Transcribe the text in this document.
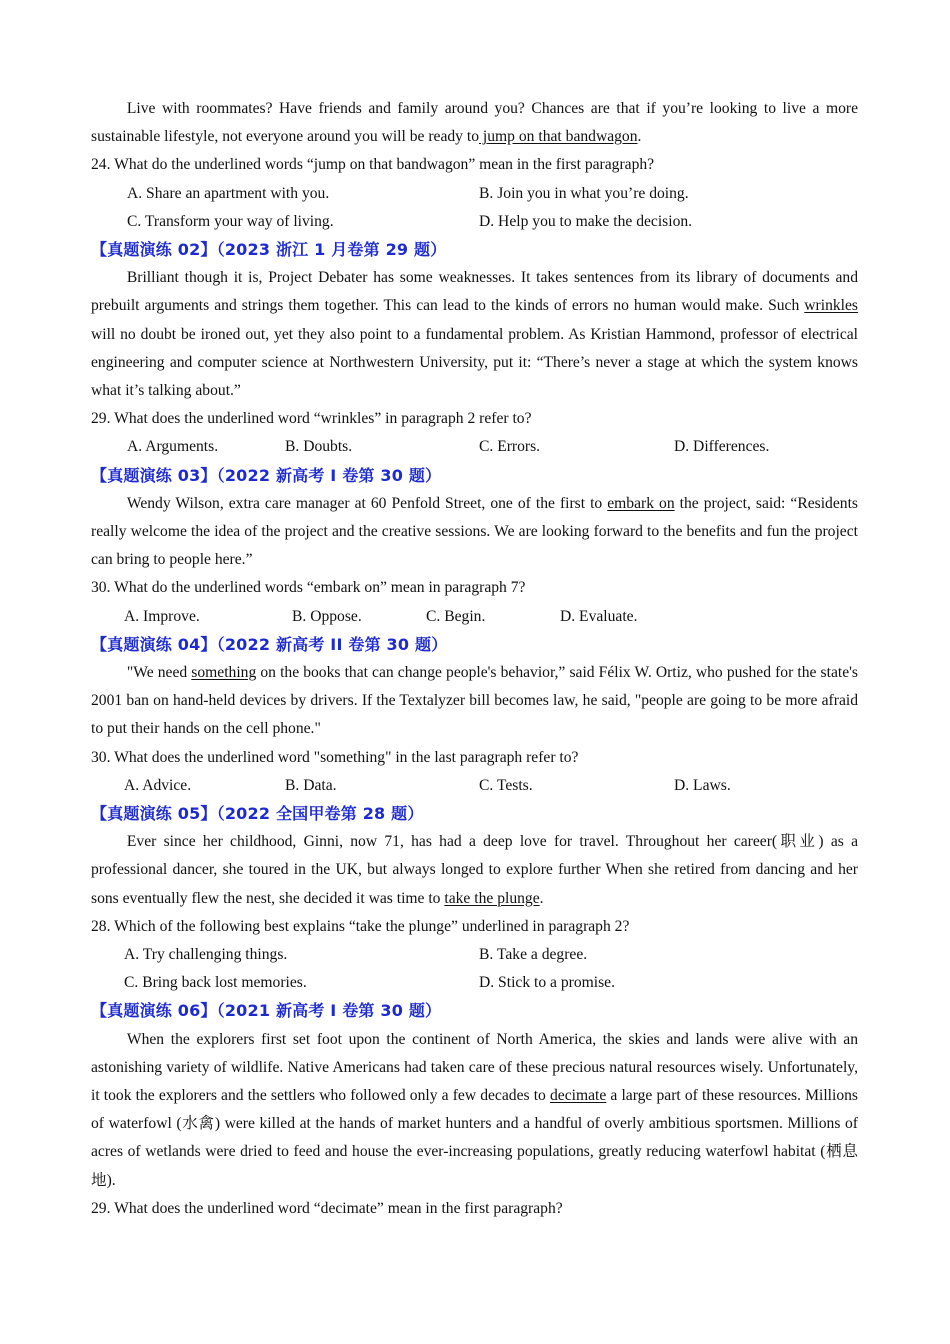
Live with roommates? Have friends and family around you? Chances are that if you’re looking to live a more sustainable lifestyle, not everyone around you will be ready to jump on that bandwagon.

24. What do the underlined words “jump on that bandwagon” mean in the first paragraph?

A. Share an apartment with you.	B. Join you in what you’re doing.
C. Transform your way of living.	D. Help you to make the decision.

【真题演练 02】（2023 浙江 1 月卷第 29 题）

Brilliant though it is, Project Debater has some weaknesses. It takes sentences from its library of documents and prebuilt arguments and strings them together. This can lead to the kinds of errors no human would make. Such wrinkles will no doubt be ironed out, yet they also point to a fundamental problem. As Kristian Hammond, professor of electrical engineering and computer science at Northwestern University, put it: “There’s never a stage at which the system knows what it’s talking about.”

29. What does the underlined word “wrinkles” in paragraph 2 refer to?

A. Arguments.	B. Doubts.	C. Errors.	D. Differences.

【真题演练 03】（2022 新高考 I 卷第 30 题）

Wendy Wilson, extra care manager at 60 Penfold Street, one of the first to embark on the project, said: “Residents really welcome the idea of the project and the creative sessions. We are looking forward to the benefits and fun the project can bring to people here.”

30. What do the underlined words “embark on” mean in paragraph 7?

A. Improve.	B. Oppose.	C. Begin.	D. Evaluate.

【真题演练 04】（2022 新高考 II 卷第 30 题）

"We need something on the books that can change people's behavior,” said Félix W. Ortiz, who pushed for the state's 2001 ban on hand-held devices by drivers. If the Textalyzer bill becomes law, he said, "people are going to be more afraid to put their hands on the cell phone."

30. What does the underlined word "something" in the last paragraph refer to?

A. Advice.	B. Data.	C. Tests.	D. Laws.

【真题演练 05】（2022 全国甲卷第 28 题）

Ever since her childhood, Ginni, now 71, has had a deep love for travel. Throughout her career(职业) as a professional dancer, she toured in the UK, but always longed to explore further When she retired from dancing and her sons eventually flew the nest, she decided it was time to take the plunge.

28. Which of the following best explains “take the plunge” underlined in paragraph 2?

A. Try challenging things.	B. Take a degree.
C. Bring back lost memories.	D. Stick to a promise.

【真题演练 06】（2021 新高考 I 卷第 30 题）

When the explorers first set foot upon the continent of North America, the skies and lands were alive with an astonishing variety of wildlife. Native Americans had taken care of these precious natural resources wisely. Unfortunately, it took the explorers and the settlers who followed only a few decades to decimate a large part of these resources. Millions of waterfowl (水禽) were killed at the hands of market hunters and a handful of overly ambitious sportsmen. Millions of acres of wetlands were dried to feed and house the ever-increasing populations, greatly reducing waterfowl habitat (栖息地).

29. What does the underlined word “decimate” mean in the first paragraph?
